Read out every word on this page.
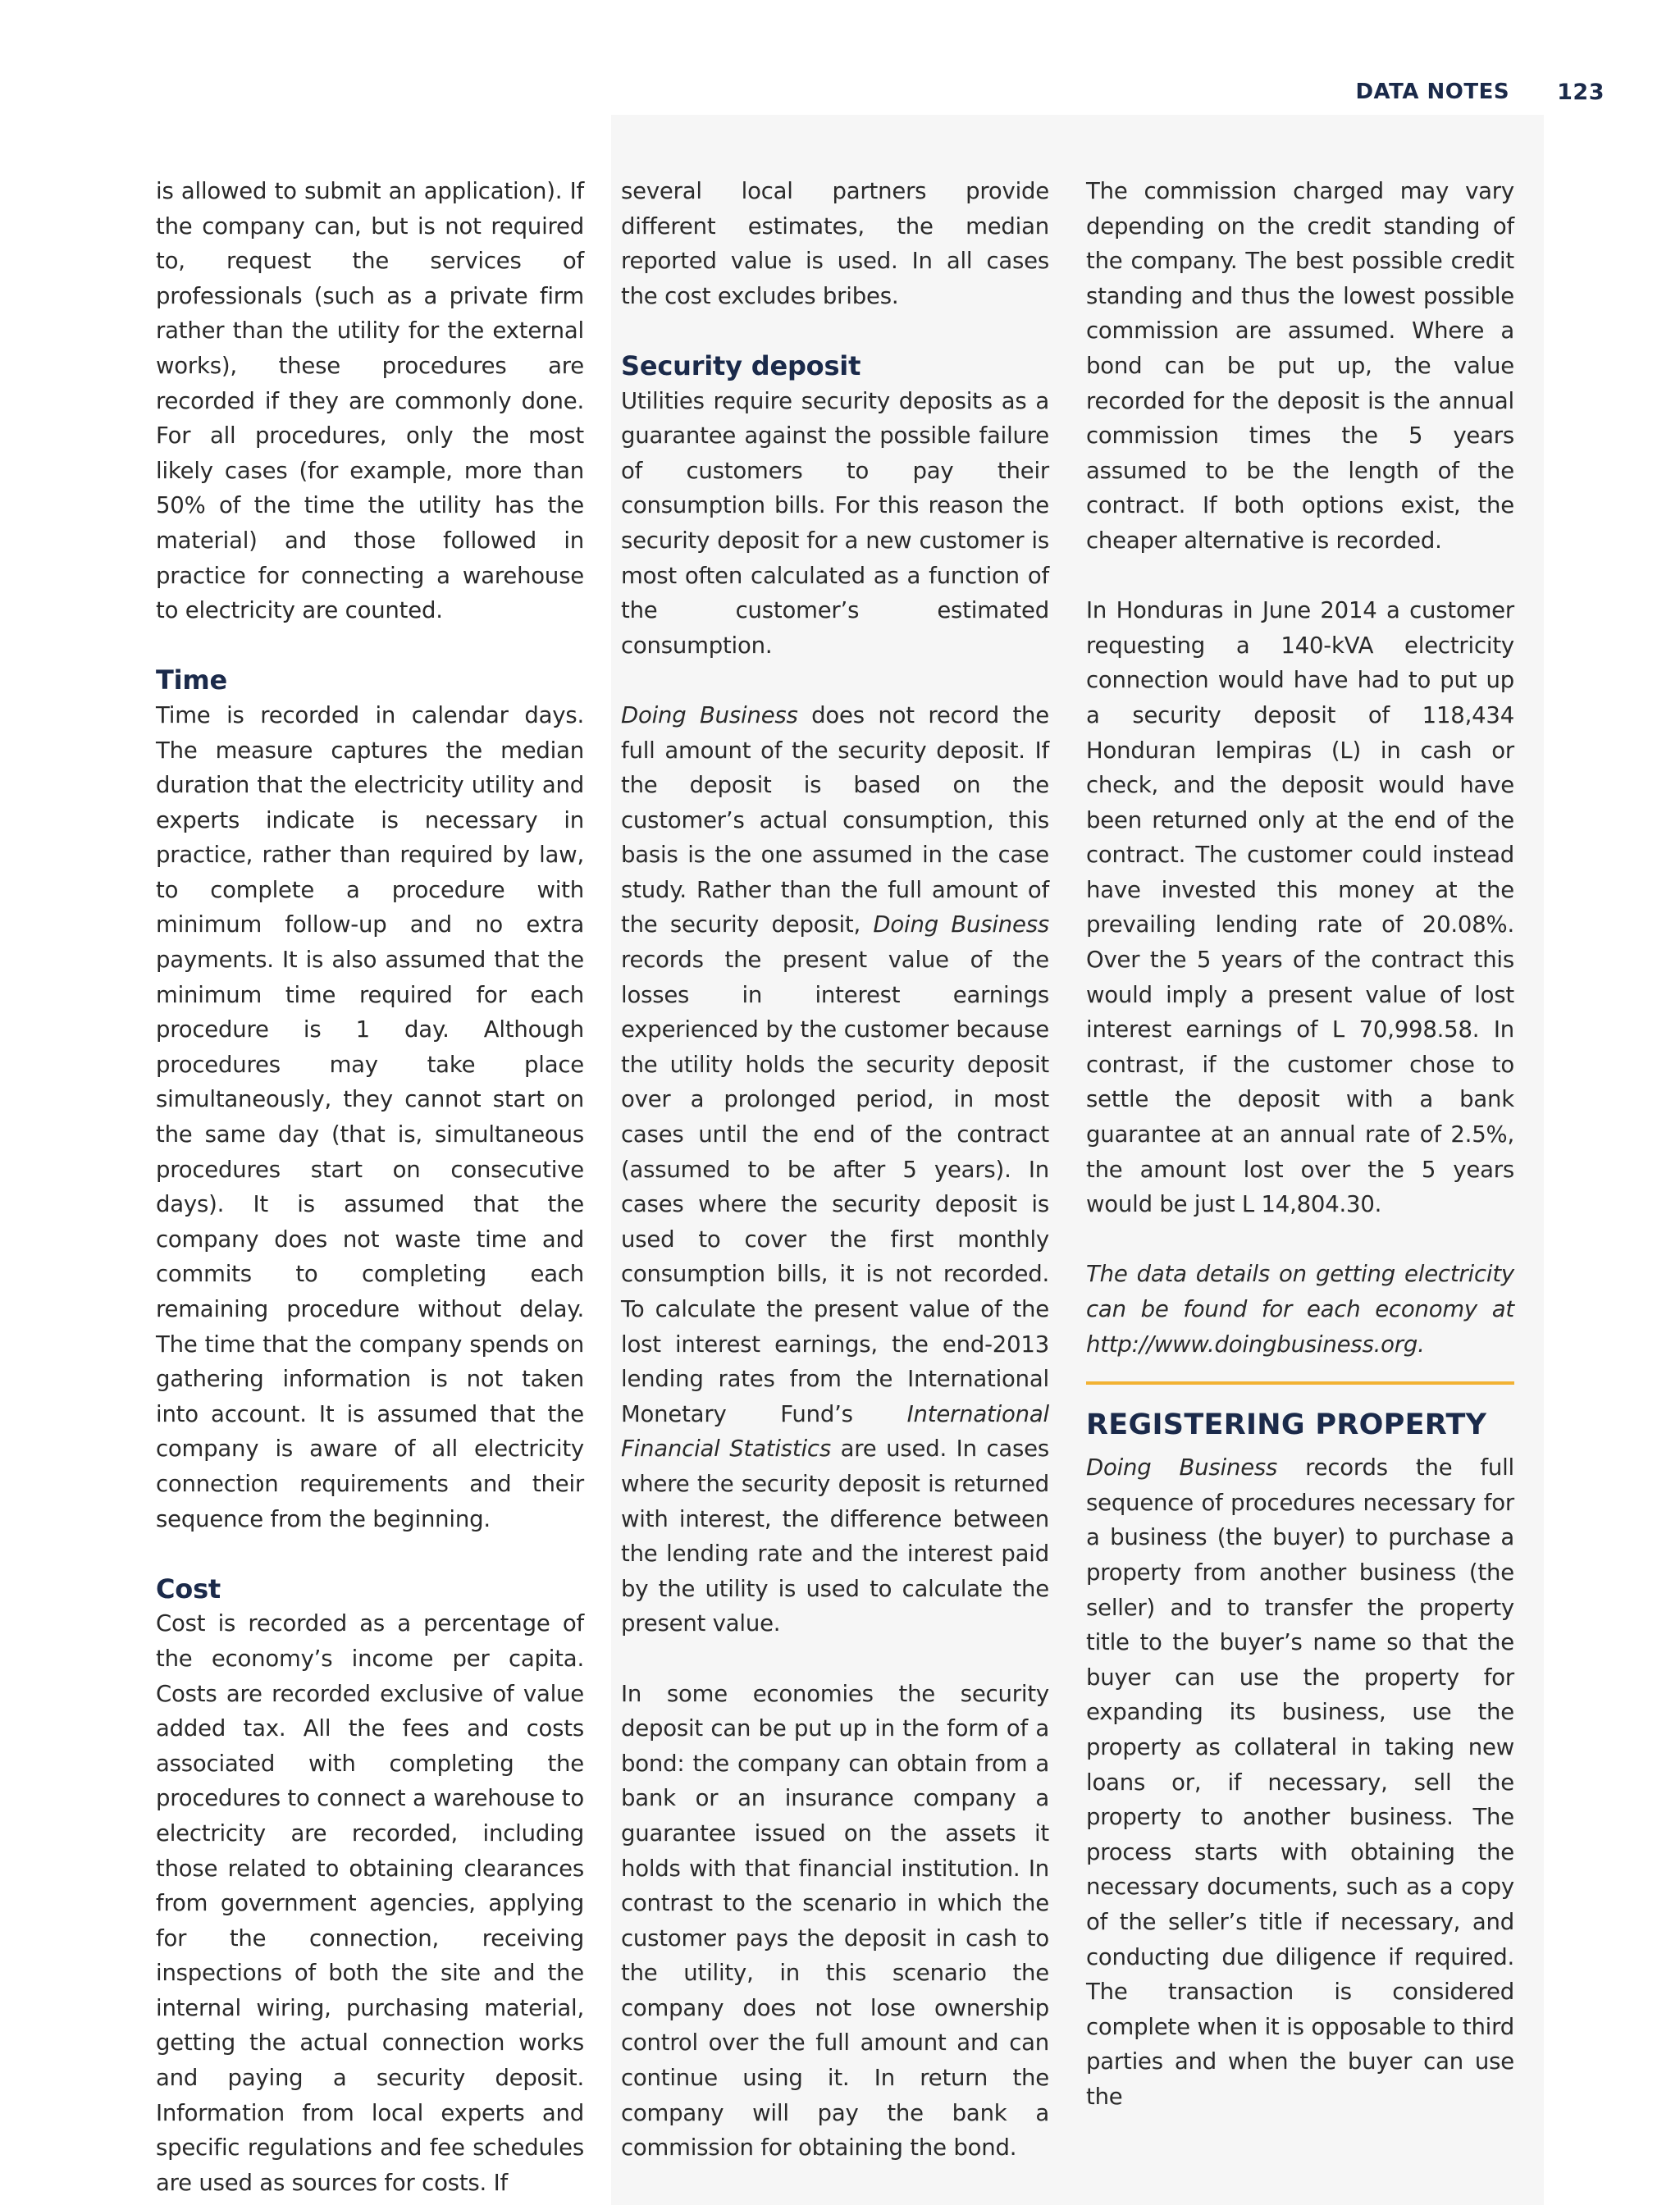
DATA NOTES 123

is allowed to submit an application). If the company can, but is not required to, request the services of professionals (such as a private firm rather than the utility for the external works), these procedures are recorded if they are commonly done. For all procedures, only the most likely cases (for example, more than 50% of the time the utility has the material) and those followed in practice for connecting a warehouse to electricity are counted.

Time

Time is recorded in calendar days. The measure captures the median duration that the electricity utility and experts indicate is necessary in practice, rather than required by law, to complete a procedure with minimum follow-up and no extra payments. It is also assumed that the minimum time required for each procedure is 1 day. Although procedures may take place simultaneously, they cannot start on the same day (that is, simultaneous procedures start on consecutive days). It is assumed that the company does not waste time and commits to completing each remaining procedure without delay. The time that the company spends on gathering information is not taken into account. It is assumed that the company is aware of all electricity connection requirements and their sequence from the beginning.

Cost

Cost is recorded as a percentage of the economy’s income per capita. Costs are recorded exclusive of value added tax. All the fees and costs associated with completing the procedures to connect a warehouse to electricity are recorded, including those related to obtaining clearances from government agencies, applying for the connection, receiving inspections of both the site and the internal wiring, purchasing material, getting the actual connection works and paying a security deposit. Information from local experts and specific regulations and fee schedules are used as sources for costs. If

several local partners provide different estimates, the median reported value is used. In all cases the cost excludes bribes.

Security deposit

Utilities require security deposits as a guarantee against the possible failure of customers to pay their consumption bills. For this reason the security deposit for a new customer is most often calculated as a function of the customer’s estimated consumption.

Doing Business does not record the full amount of the security deposit. If the deposit is based on the customer’s actual consumption, this basis is the one assumed in the case study. Rather than the full amount of the security deposit, Doing Business records the present value of the losses in interest earnings experienced by the customer because the utility holds the security deposit over a prolonged period, in most cases until the end of the contract (assumed to be after 5 years). In cases where the security deposit is used to cover the first monthly consumption bills, it is not recorded. To calculate the present value of the lost interest earnings, the end-2013 lending rates from the International Monetary Fund’s International Financial Statistics are used. In cases where the security deposit is returned with interest, the difference between the lending rate and the interest paid by the utility is used to calculate the present value.

In some economies the security deposit can be put up in the form of a bond: the company can obtain from a bank or an insurance company a guarantee issued on the assets it holds with that financial institution. In contrast to the scenario in which the customer pays the deposit in cash to the utility, in this scenario the company does not lose ownership control over the full amount and can continue using it. In return the company will pay the bank a commission for obtaining the bond.

The commission charged may vary depending on the credit standing of the company. The best possible credit standing and thus the lowest possible commission are assumed. Where a bond can be put up, the value recorded for the deposit is the annual commission times the 5 years assumed to be the length of the contract. If both options exist, the cheaper alternative is recorded.

In Honduras in June 2014 a customer requesting a 140-kVA electricity connection would have had to put up a security deposit of 118,434 Honduran lempiras (L) in cash or check, and the deposit would have been returned only at the end of the contract. The customer could instead have invested this money at the prevailing lending rate of 20.08%. Over the 5 years of the contract this would imply a present value of lost interest earnings of L 70,998.58. In contrast, if the customer chose to settle the deposit with a bank guarantee at an annual rate of 2.5%, the amount lost over the 5 years would be just L 14,804.30.

The data details on getting electricity can be found for each economy at http://www.doingbusiness.org.

REGISTERING PROPERTY

Doing Business records the full sequence of procedures necessary for a business (the buyer) to purchase a property from another business (the seller) and to transfer the property title to the buyer’s name so that the buyer can use the property for expanding its business, use the property as collateral in taking new loans or, if necessary, sell the property to another business. The process starts with obtaining the necessary documents, such as a copy of the seller’s title if necessary, and conducting due diligence if required. The transaction is considered complete when it is opposable to third parties and when the buyer can use the
